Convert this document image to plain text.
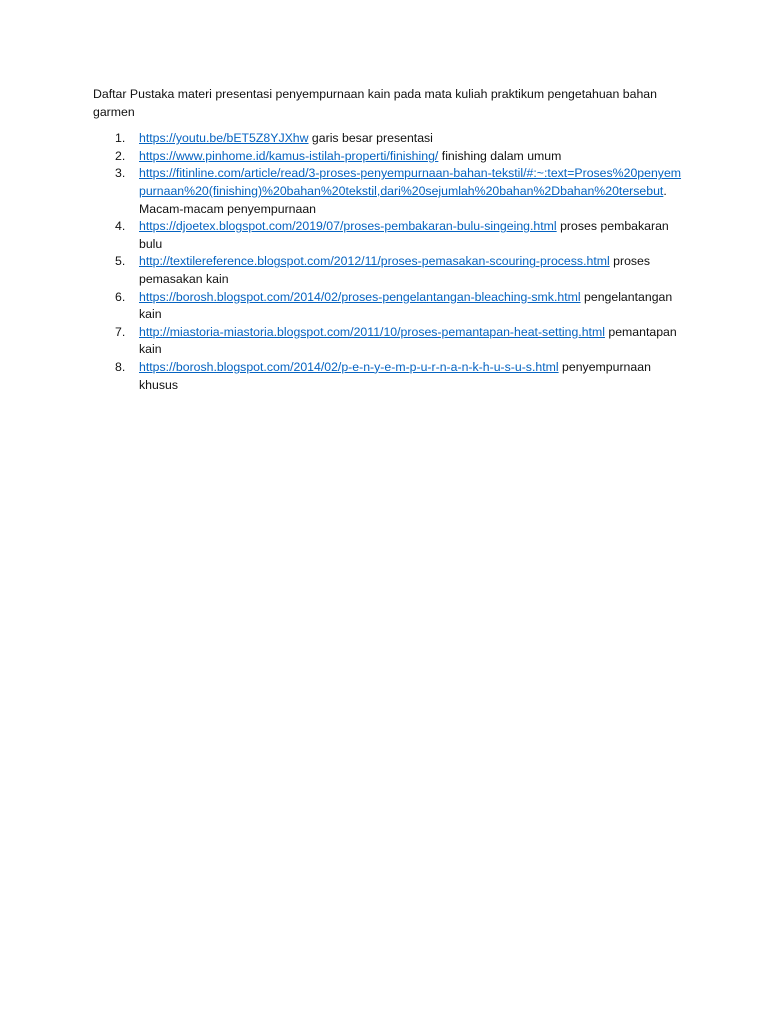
Daftar Pustaka materi presentasi penyempurnaan kain pada mata kuliah praktikum pengetahuan bahan garmen

1.	https://youtu.be/bET5Z8YJXhw garis besar presentasi
2.	https://www.pinhome.id/kamus-istilah-properti/finishing/ finishing dalam umum
3.	https://fitinline.com/article/read/3-proses-penyempurnaan-bahan-tekstil/#:~:text=Proses%20penyempurnaan%20(finishing)%20bahan%20tekstil,dari%20sejumlah%20bahan%2Dbahan%20tersebut. Macam-macam penyempurnaan
4.	https://djoetex.blogspot.com/2019/07/proses-pembakaran-bulu-singeing.html proses pembakaran bulu
5.	http://textilereference.blogspot.com/2012/11/proses-pemasakan-scouring-process.html proses pemasakan kain
6.	https://borosh.blogspot.com/2014/02/proses-pengelantangan-bleaching-smk.html pengelantangan kain
7.	http://miastoria-miastoria.blogspot.com/2011/10/proses-pemantapan-heat-setting.html pemantapan kain
8.	https://borosh.blogspot.com/2014/02/p-e-n-y-e-m-p-u-r-n-a-n-k-h-u-s-u-s.html penyempurnaan khusus
